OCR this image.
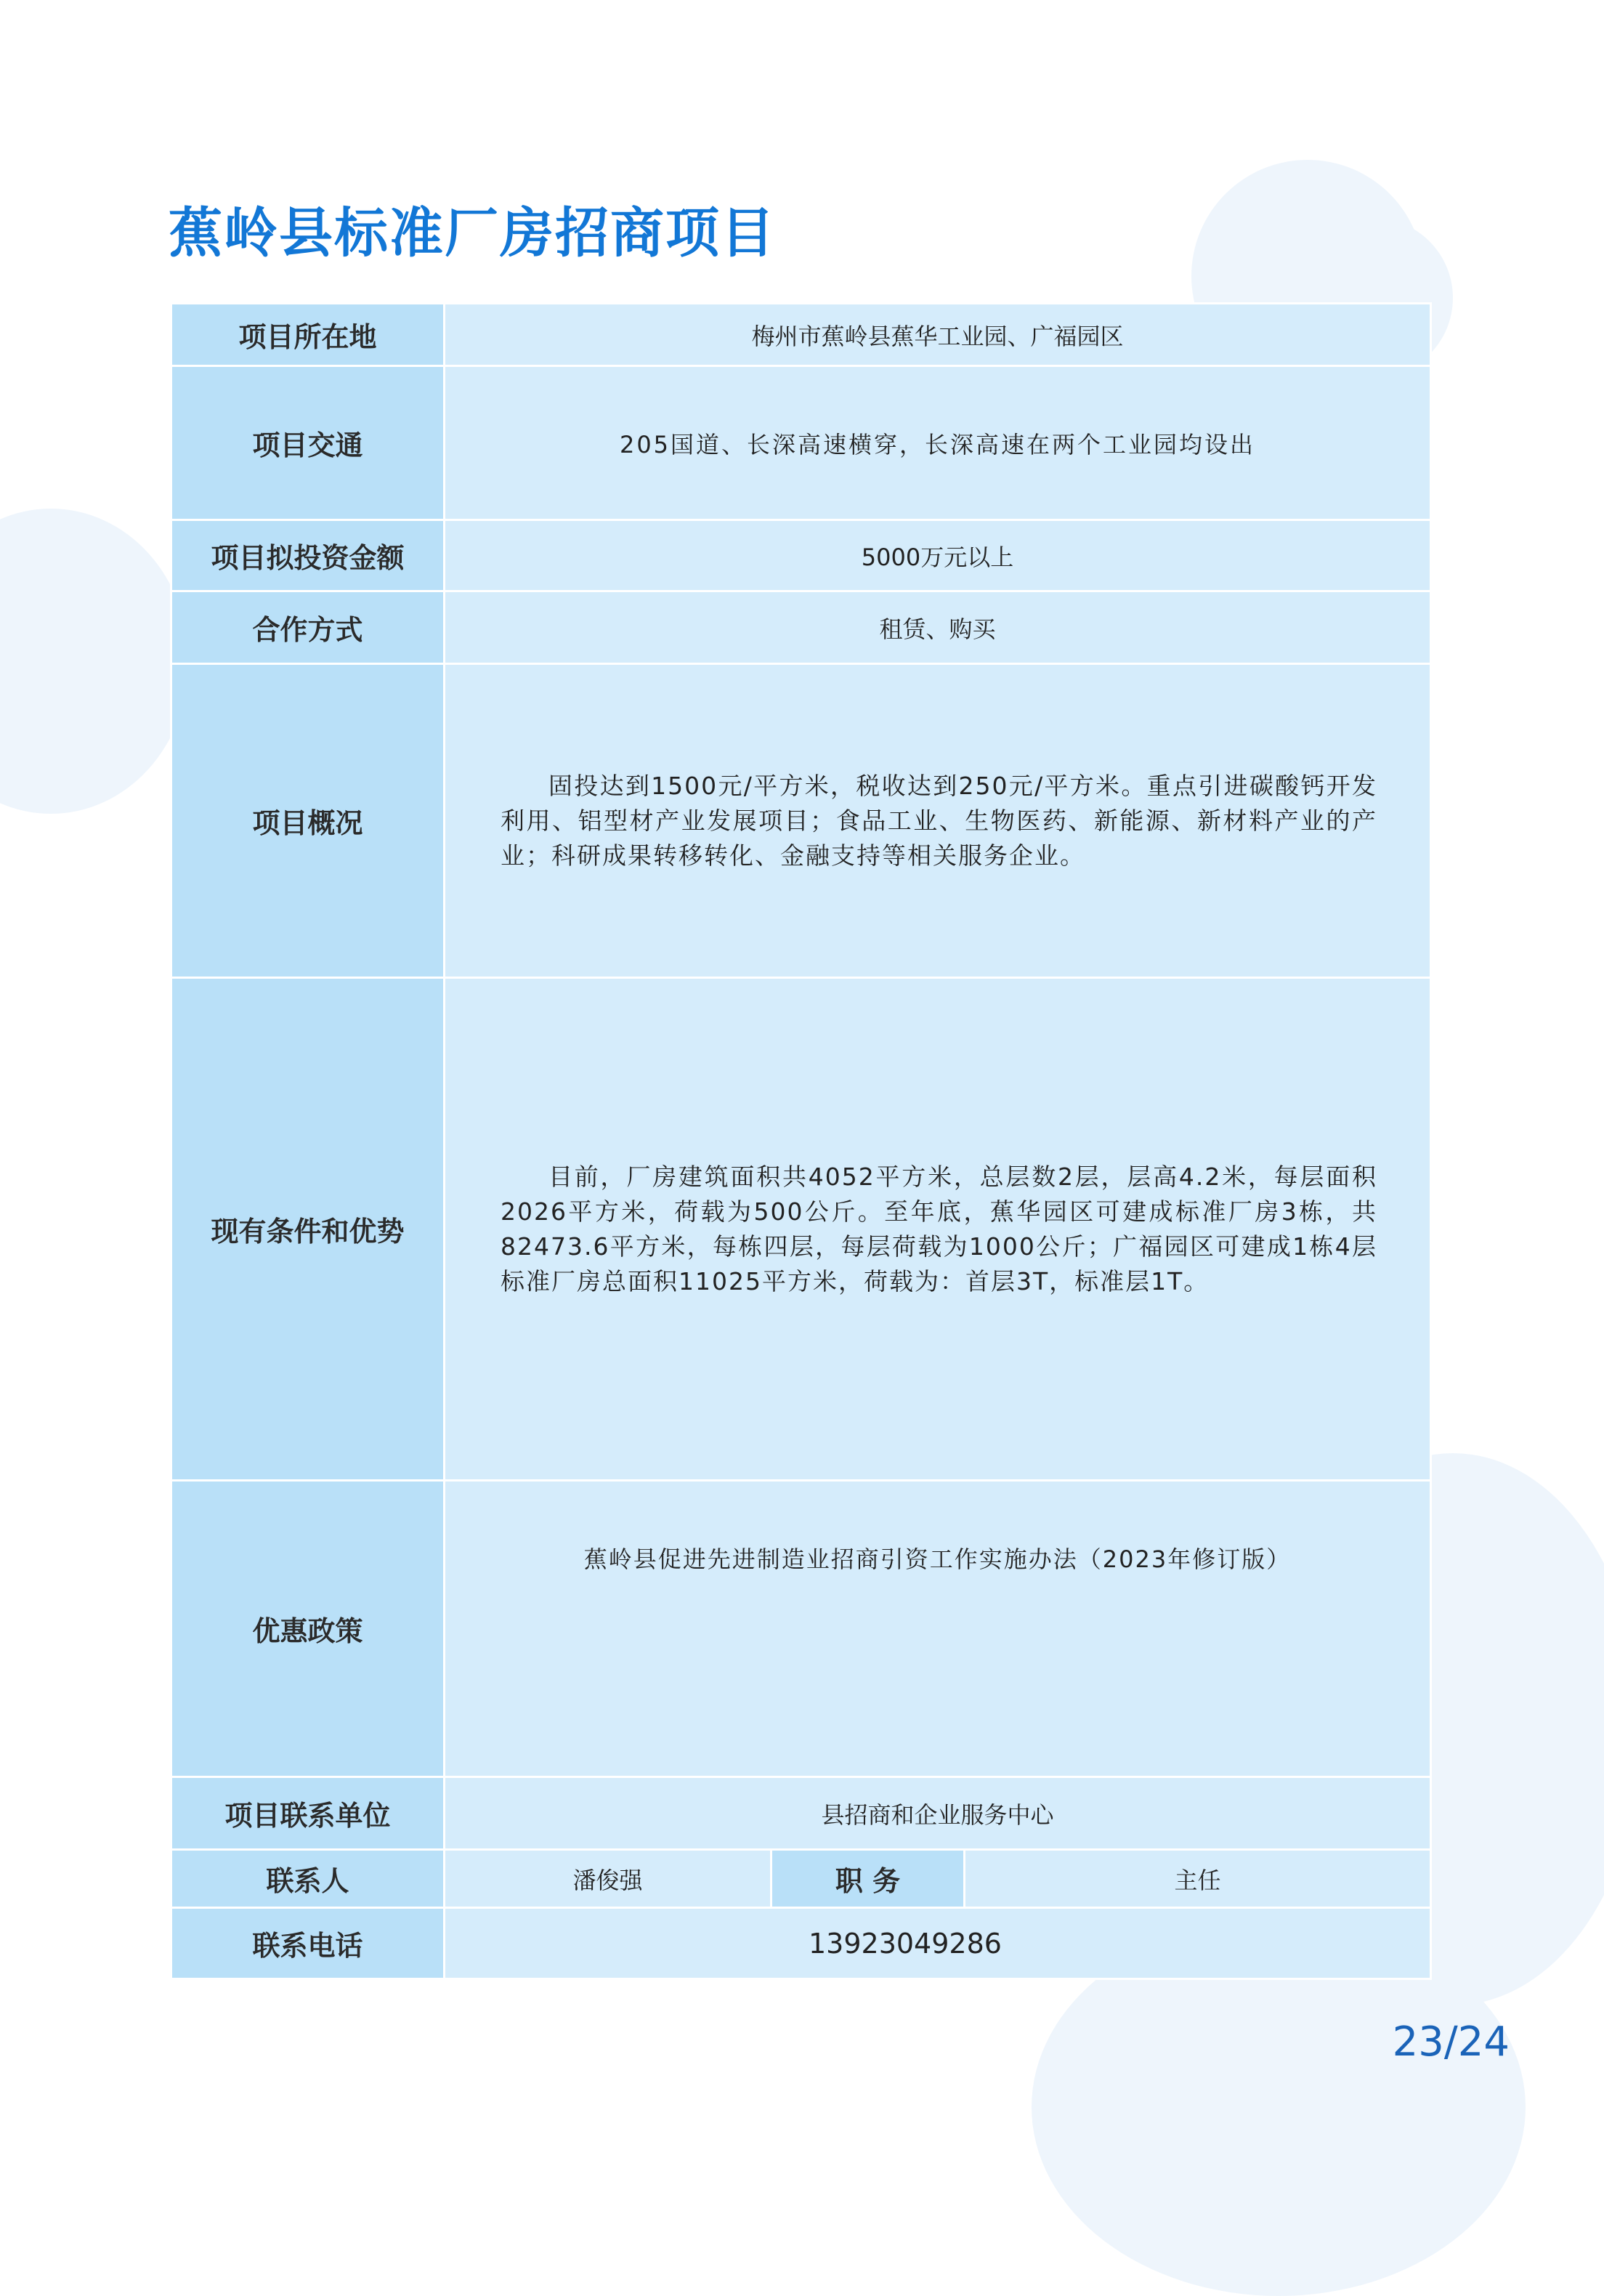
蕉岭县标准厂房招商项目
项目所在地	梅州市蕉岭县蕉华工业园、广福园区		
项目交通	205国道、长深高速横穿，长深高速在两个工业园均设出		
项目拟投资金额	5000万元以上		
合作方式	租赁、购买		
项目概况	固投达到1500元/平方米，税收达到250元/平方米。重点引进碳酸钙开发利用、铝型材产业发展项目；食品工业、生物医药、新能源、新材料产业的产业；科研成果转移转化、金融支持等相关服务企业。		

现有条件和优势	目前，厂房建筑面积共4052平方米，总层数2层，层高4.2米，每层面积2026平方米，荷载为500公斤。至年底，蕉华园区可建成标准厂房3栋，共82473.6平方米，每栋四层，每层荷载为1000公斤；广福园区可建成1栋4层标准厂房总面积11025平方米，荷载为：首层3T，标准层1T。		

优惠政策	蕉岭县促进先进制造业招商引资工作实施办法（2023年修订版）		
项目联系单位	县招商和企业服务中心		
联系人	潘俊强	职 务	主任
联系电话	13923049286		
23/24
